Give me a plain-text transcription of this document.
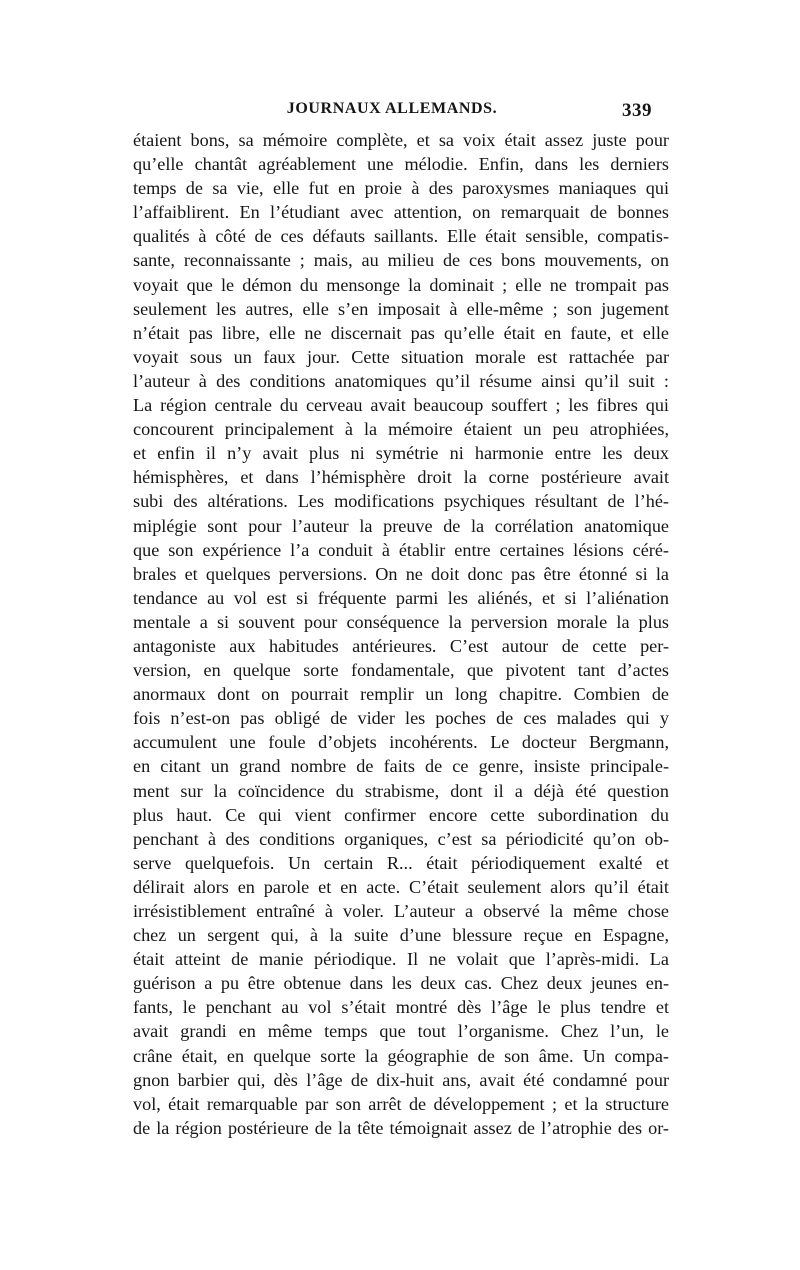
JOURNAUX ALLEMANDS.	339
étaient bons, sa mémoire complète, et sa voix était assez juste pour
qu’elle chantât agréablement une mélodie. Enfin, dans les derniers
temps de sa vie, elle fut en proie à des paroxysmes maniaques qui
l’affaiblirent. En l’étudiant avec attention, on remarquait de bonnes
qualités à côté de ces défauts saillants. Elle était sensible, compatis-
sante, reconnaissante ; mais, au milieu de ces bons mouvements, on
voyait que le démon du mensonge la dominait ; elle ne trompait pas
seulement les autres, elle s’en imposait à elle-même ; son jugement
n’était pas libre, elle ne discernait pas qu’elle était en faute, et elle
voyait sous un faux jour. Cette situation morale est rattachée par
l’auteur à des conditions anatomiques qu’il résume ainsi qu’il suit :
La région centrale du cerveau avait beaucoup souffert ; les fibres qui
concourent principalement à la mémoire étaient un peu atrophiées,
et enfin il n’y avait plus ni symétrie ni harmonie entre les deux
hémisphères, et dans l’hémisphère droit la corne postérieure avait
subi des altérations. Les modifications psychiques résultant de l’hé-
miplégie sont pour l’auteur la preuve de la corrélation anatomique
que son expérience l’a conduit à établir entre certaines lésions céré-
brales et quelques perversions. On ne doit donc pas être étonné si la
tendance au vol est si fréquente parmi les aliénés, et si l’aliénation
mentale a si souvent pour conséquence la perversion morale la plus
antagoniste aux habitudes antérieures. C’est autour de cette per-
version, en quelque sorte fondamentale, que pivotent tant d’actes
anormaux dont on pourrait remplir un long chapitre. Combien de
fois n’est-on pas obligé de vider les poches de ces malades qui y
accumulent une foule d’objets incohérents. Le docteur Bergmann,
en citant un grand nombre de faits de ce genre, insiste principale-
ment sur la coïncidence du strabisme, dont il a déjà été question
plus haut. Ce qui vient confirmer encore cette subordination du
penchant à des conditions organiques, c’est sa périodicité qu’on ob-
serve quelquefois. Un certain R... était périodiquement exalté et
délirait alors en parole et en acte. C’était seulement alors qu’il était
irrésistiblement entraîné à voler. L’auteur a observé la même chose
chez un sergent qui, à la suite d’une blessure reçue en Espagne,
était atteint de manie périodique. Il ne volait que l’après-midi. La
guérison a pu être obtenue dans les deux cas. Chez deux jeunes en-
fants, le penchant au vol s’était montré dès l’âge le plus tendre et
avait grandi en même temps que tout l’organisme. Chez l’un, le
crâne était, en quelque sorte la géographie de son âme. Un compa-
gnon barbier qui, dès l’âge de dix-huit ans, avait été condamné pour
vol, était remarquable par son arrêt de développement ; et la structure
de la région postérieure de la tête témoignait assez de l’atrophie des or-
